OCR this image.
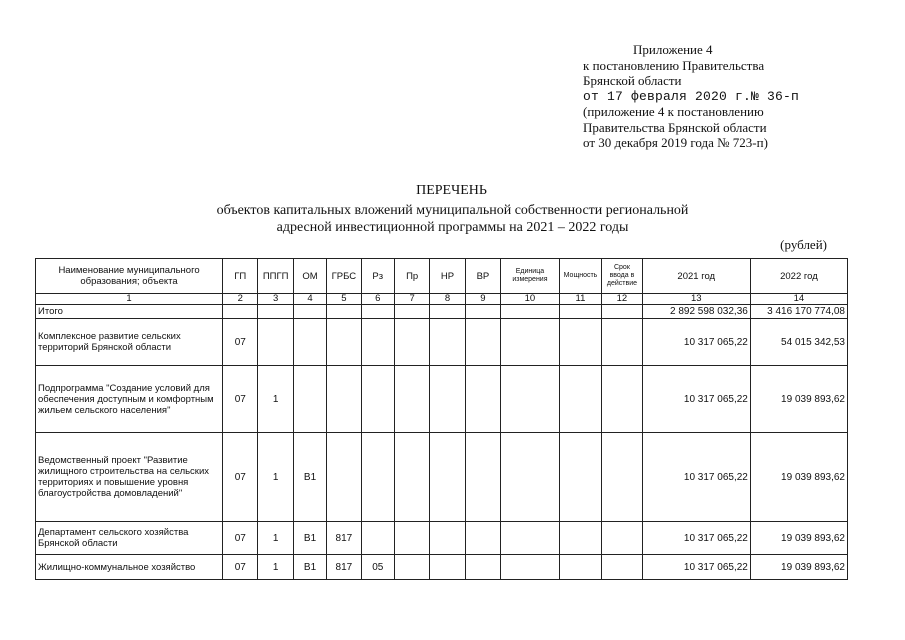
Приложение 4
к постановлению Правительства
Брянской области
от 17 февраля 2020 г.№ 36-п
(приложение 4 к постановлению
Правительства Брянской области
от 30 декабря 2019 года № 723-п)
ПЕРЕЧЕНЬ
объектов капитальных вложений муниципальной собственности региональной
адресной инвестиционной программы на 2021 – 2022 годы
(рублей)
Наименование муниципального образования; объекта	ГП	ППГП	ОМ	ГРБС	Рз	Пр	НР	ВР	Единица измерения	Мощность	Срок ввода в действие	2021 год	2022 год
1	2	3	4	5	6	7	8	9	10	11	12	13	14
Итого												2 892 598 032,36	3 416 170 774,08
Комплексное развитие сельских территорий Брянской области	07											10 317 065,22	54 015 342,53
Подпрограмма "Создание условий для обеспечения доступным и комфортным жильем сельского населения"	07	1										10 317 065,22	19 039 893,62
Ведомственный проект "Развитие жилищного строительства на сельских территориях и повышение уровня благоустройства домовладений"	07	1	В1									10 317 065,22	19 039 893,62
Департамент сельского хозяйства Брянской области	07	1	В1	817								10 317 065,22	19 039 893,62
Жилищно-коммунальное хозяйство	07	1	В1	817	05							10 317 065,22	19 039 893,62
